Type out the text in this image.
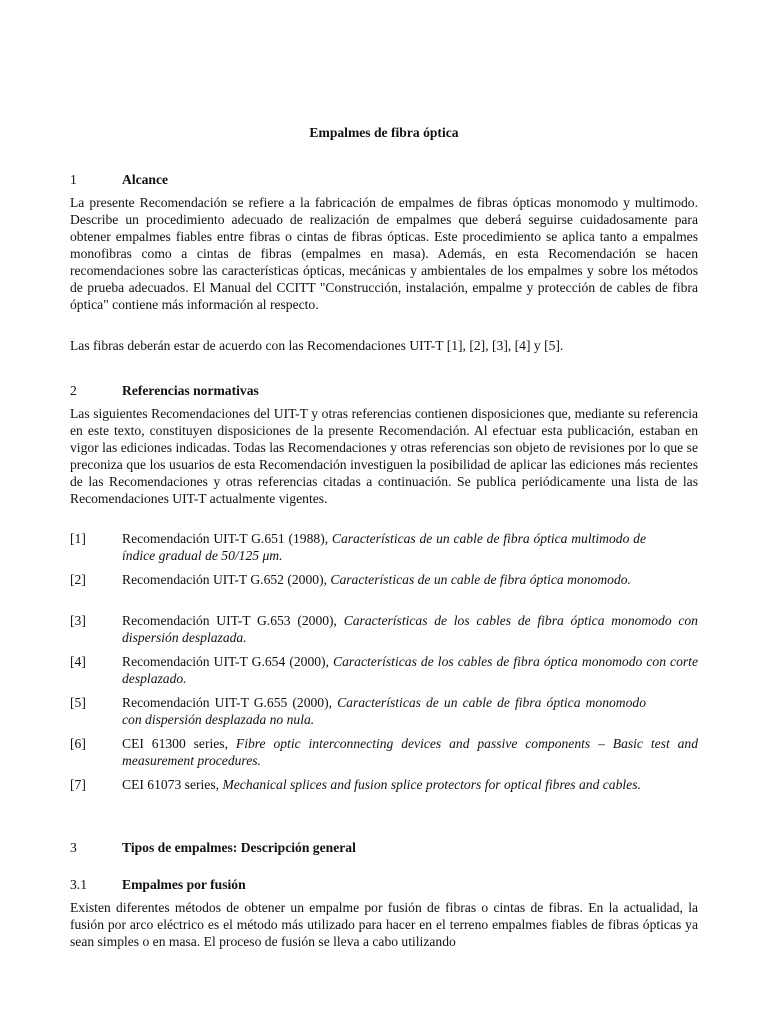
Empalmes de fibra óptica
1	Alcance
La presente Recomendación se refiere a la fabricación de empalmes de fibras ópticas monomodo y multimodo. Describe un procedimiento adecuado de realización de empalmes que deberá seguirse cuidadosamente para obtener empalmes fiables entre fibras o cintas de fibras ópticas. Este procedimiento se aplica tanto a empalmes monofibras como a cintas de fibras (empalmes en masa). Además, en esta Recomendación se hacen recomendaciones sobre las características ópticas, mecánicas y ambientales de los empalmes y sobre los métodos de prueba adecuados. El Manual del CCITT "Construcción, instalación, empalme y protección de cables de fibra óptica" contiene más información al respecto.
Las fibras deberán estar de acuerdo con las Recomendaciones UIT-T [1], [2], [3], [4] y [5].
2	Referencias normativas
Las siguientes Recomendaciones del UIT-T y otras referencias contienen disposiciones que, mediante su referencia en este texto, constituyen disposiciones de la presente Recomendación. Al efectuar esta publicación, estaban en vigor las ediciones indicadas. Todas las Recomendaciones y otras referencias son objeto de revisiones por lo que se preconiza que los usuarios de esta Recomendación investiguen la posibilidad de aplicar las ediciones más recientes de las Recomendaciones y otras referencias citadas a continuación. Se publica periódicamente una lista de las Recomendaciones UIT-T actualmente vigentes.
[1]	Recomendación UIT-T G.651 (1988), Características de un cable de fibra óptica multimodo de índice gradual de 50/125 μm.
[2]	Recomendación UIT-T G.652 (2000), Características de un cable de fibra óptica monomodo.
[3]	Recomendación UIT-T G.653 (2000), Características de los cables de fibra óptica monomodo con dispersión desplazada.
[4]	Recomendación UIT-T G.654 (2000), Características de los cables de fibra óptica monomodo con corte desplazado.
[5]	Recomendación UIT-T G.655 (2000), Características de un cable de fibra óptica monomodo con dispersión desplazada no nula.
[6]	CEI 61300 series, Fibre optic interconnecting devices and passive components – Basic test and measurement procedures.
[7]	CEI 61073 series, Mechanical splices and fusion splice protectors for optical fibres and cables.
3	Tipos de empalmes: Descripción general
3.1	Empalmes por fusión
Existen diferentes métodos de obtener un empalme por fusión de fibras o cintas de fibras. En la actualidad, la fusión por arco eléctrico es el método más utilizado para hacer en el terreno empalmes fiables de fibras ópticas ya sean simples o en masa. El proceso de fusión se lleva a cabo utilizando
